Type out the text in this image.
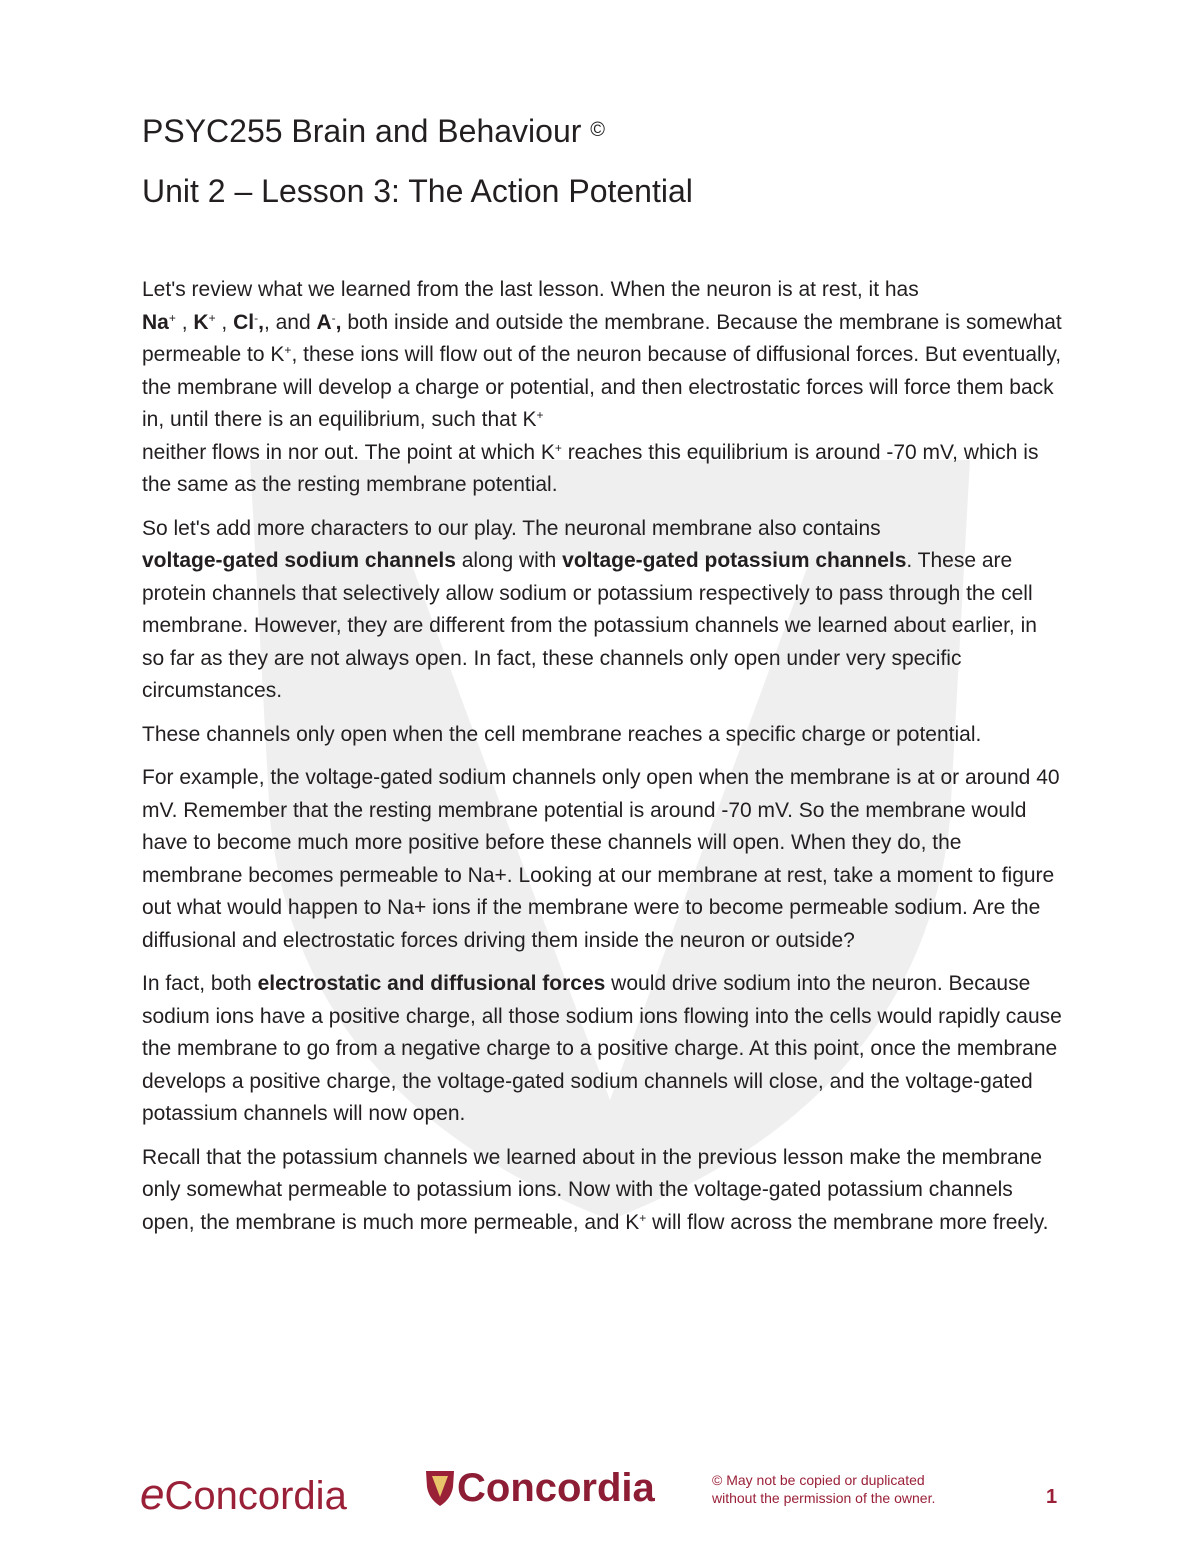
PSYC255 Brain and Behaviour ©
Unit 2 – Lesson 3: The Action Potential

Let's review what we learned from the last lesson. When the neuron is at rest, it has
Na+ , K+ , Cl-,, and A-, both inside and outside the membrane. Because the membrane is somewhat permeable to K+, these ions will flow out of the neuron because of diffusional forces. But eventually, the membrane will develop a charge or potential, and then electrostatic forces will force them back in, until there is an equilibrium, such that K+
neither flows in nor out. The point at which K+ reaches this equilibrium is around -70 mV, which is the same as the resting membrane potential.

So let's add more characters to our play. The neuronal membrane also contains
voltage-gated sodium channels along with voltage-gated potassium channels. These are protein channels that selectively allow sodium or potassium respectively to pass through the cell membrane. However, they are different from the potassium channels we learned about earlier, in so far as they are not always open. In fact, these channels only open under very specific circumstances.

These channels only open when the cell membrane reaches a specific charge or potential.

For example, the voltage-gated sodium channels only open when the membrane is at or around 40 mV. Remember that the resting membrane potential is around -70 mV. So the membrane would have to become much more positive before these channels will open. When they do, the membrane becomes permeable to Na+. Looking at our membrane at rest, take a moment to figure out what would happen to Na+ ions if the membrane were to become permeable sodium. Are the diffusional and electrostatic forces driving them inside the neuron or outside?

In fact, both electrostatic and diffusional forces would drive sodium into the neuron. Because sodium ions have a positive charge, all those sodium ions flowing into the cells would rapidly cause the membrane to go from a negative charge to a positive charge. At this point, once the membrane develops a positive charge, the voltage-gated sodium channels will close, and the voltage-gated potassium channels will now open.

Recall that the potassium channels we learned about in the previous lesson make the membrane only somewhat permeable to potassium ions. Now with the voltage-gated potassium channels open, the membrane is much more permeable, and K+ will flow across the membrane more freely.

eConcordia	Concordia	© May not be copied or duplicated
without the permission of the owner.	1
